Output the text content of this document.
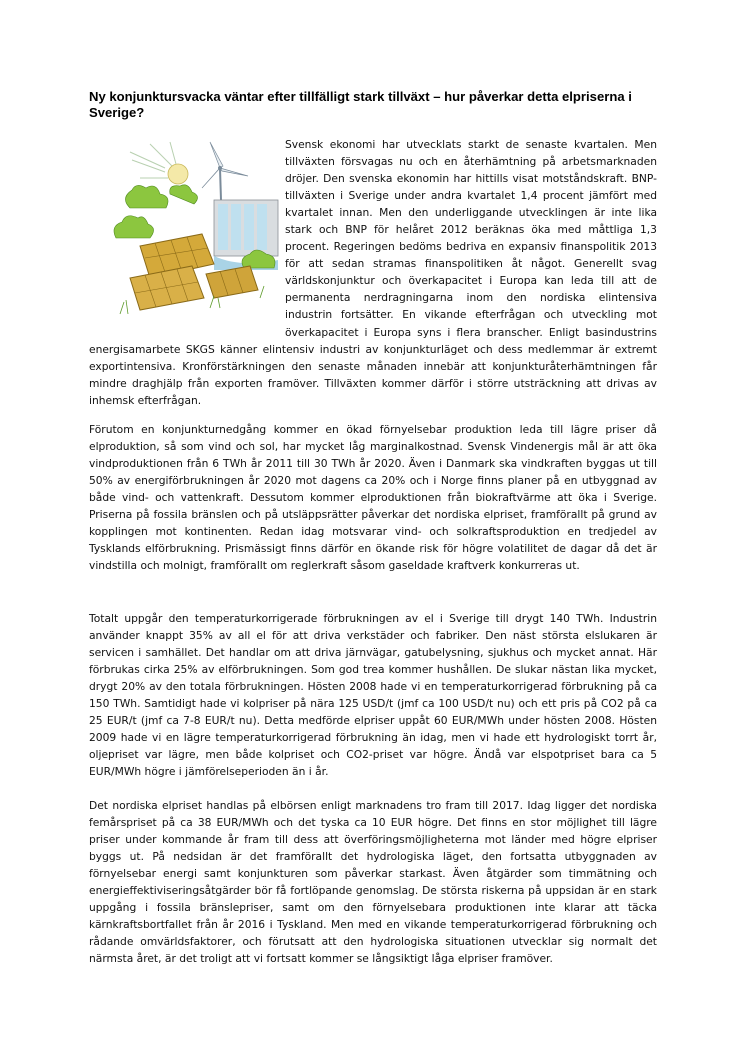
Ny konjunktursvacka väntar efter tillfälligt stark tillväxt – hur påverkar detta elpriserna i Sverige?
Svensk ekonomi har utvecklats starkt de senaste kvartalen. Men tillväxten försvagas nu och en återhämtning på arbetsmarknaden dröjer. Den svenska ekonomin har hittills visat motståndskraft. BNP-tillväxten i Sverige under andra kvartalet 1,4 procent jämfört med kvartalet innan. Men den underliggande utvecklingen är inte lika stark och BNP för helåret 2012 beräknas öka med måttliga 1,3 procent. Regeringen bedöms bedriva en expansiv finanspolitik 2013 för att sedan stramas finanspolitiken åt något. Generellt svag världskonjunktur och överkapacitet i Europa kan leda till att de permanenta nerdragningarna inom den nordiska elintensiva industrin fortsätter. En vikande efterfrågan och utveckling mot överkapacitet i Europa syns i flera branscher. Enligt basindustrins energisamarbete SKGS känner elintensiv industri av konjunkturläget och dess medlemmar är extremt exportintensiva. Kronförstärkningen den senaste månaden innebär att konjunkturåterhämtningen får mindre draghjälp från exporten framöver. Tillväxten kommer därför i större utsträckning att drivas av inhemsk efterfrågan.
Förutom en konjunkturnedgång kommer en ökad förnyelsebar produktion leda till lägre priser då elproduktion, så som vind och sol, har mycket låg marginalkostnad. Svensk Vindenergis mål är att öka vindproduktionen från 6 TWh år 2011 till 30 TWh år 2020. Även i Danmark ska vindkraften byggas ut till 50% av energiförbrukningen år 2020 mot dagens ca 20% och i Norge finns planer på en utbyggnad av både vind- och vattenkraft. Dessutom kommer elproduktionen från biokraftvärme att öka i Sverige. Priserna på fossila bränslen och på utsläppsrätter påverkar det nordiska elpriset, framförallt på grund av kopplingen mot kontinenten. Redan idag motsvarar vind- och solkraftsproduktion en tredjedel av Tysklands elförbrukning. Prismässigt finns därför en ökande risk för högre volatilitet de dagar då det är vindstilla och molnigt, framförallt om reglerkraft såsom gaseldade kraftverk konkurreras ut.
Totalt uppgår den temperaturkorrigerade förbrukningen av el i Sverige till drygt 140 TWh. Industrin använder knappt 35% av all el för att driva verkstäder och fabriker. Den näst största elslukaren är servicen i samhället. Det handlar om att driva järnvägar, gatubelysning, sjukhus och mycket annat. Här förbrukas cirka 25% av elförbrukningen. Som god trea kommer hushållen. De slukar nästan lika mycket, drygt 20% av den totala förbrukningen. Hösten 2008 hade vi en temperaturkorrigerad förbrukning på ca 150 TWh. Samtidigt hade vi kolpriser på nära 125 USD/t (jmf ca 100 USD/t nu) och ett pris på CO2 på ca 25 EUR/t (jmf ca 7-8 EUR/t nu). Detta medförde elpriser uppåt 60 EUR/MWh under hösten 2008. Hösten 2009 hade vi en lägre temperaturkorrigerad förbrukning än idag, men vi hade ett hydrologiskt torrt år, oljepriset var lägre, men både kolpriset och CO2-priset var högre. Ändå var elspotpriset bara ca 5 EUR/MWh högre i jämförelseperioden än i år.
Det nordiska elpriset handlas på elbörsen enligt marknadens tro fram till 2017. Idag ligger det nordiska femårspriset på ca 38 EUR/MWh och det tyska ca 10 EUR högre. Det finns en stor möjlighet till lägre priser under kommande år fram till dess att överföringsmöjligheterna mot länder med högre elpriser byggs ut. På nedsidan är det framförallt det hydrologiska läget, den fortsatta utbyggnaden av förnyelsebar energi samt konjunkturen som påverkar starkast. Även åtgärder som timmätning och energieffektiviseringsåtgärder bör få fortlöpande genomslag. De största riskerna på uppsidan är en stark uppgång i fossila bränslepriser, samt om den förnyelsebara produktionen inte klarar att täcka kärnkraftsbortfallet från år 2016 i Tyskland. Men med en vikande temperaturkorrigerad förbrukning och rådande omvärldsfaktorer, och förutsatt att den hydrologiska situationen utvecklar sig normalt det närmsta året, är det troligt att vi fortsatt kommer se långsiktigt låga elpriser framöver.
